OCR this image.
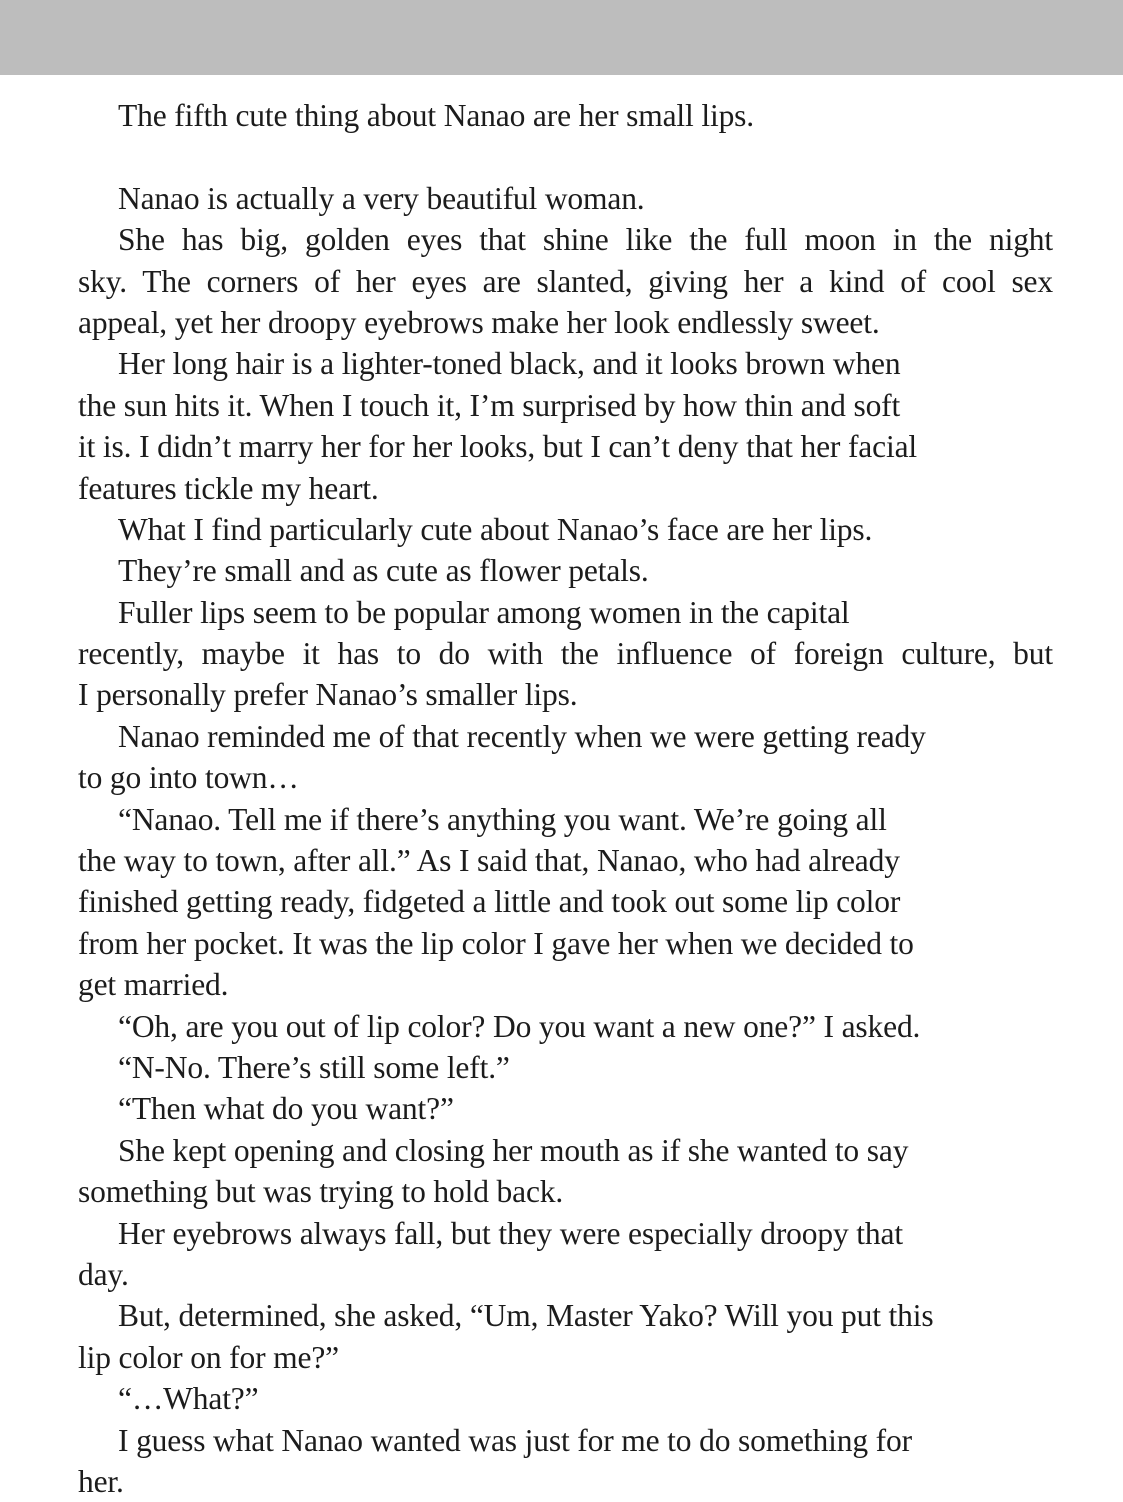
The fifth cute thing about Nanao are her small lips.
Nanao is actually a very beautiful woman.
She has big, golden eyes that shine like the full moon in the night
sky. The corners of her eyes are slanted, giving her a kind of cool sex
appeal, yet her droopy eyebrows make her look endlessly sweet.
Her long hair is a lighter-toned black, and it looks brown when
the sun hits it. When I touch it, I’m surprised by how thin and soft
it is. I didn’t marry her for her looks, but I can’t deny that her facial
features tickle my heart.
What I find particularly cute about Nanao’s face are her lips.
They’re small and as cute as flower petals.
Fuller lips seem to be popular among women in the capital
recently, maybe it has to do with the influence of foreign culture, but
I personally prefer Nanao’s smaller lips.
Nanao reminded me of that recently when we were getting ready
to go into town…
“Nanao. Tell me if there’s anything you want. We’re going all
the way to town, after all.” As I said that, Nanao, who had already
finished getting ready, fidgeted a little and took out some lip color
from her pocket. It was the lip color I gave her when we decided to
get married.
“Oh, are you out of lip color? Do you want a new one?” I asked.
“N-No. There’s still some left.”
“Then what do you want?”
She kept opening and closing her mouth as if she wanted to say
something but was trying to hold back.
Her eyebrows always fall, but they were especially droopy that
day.
But, determined, she asked, “Um, Master Yako? Will you put this
lip color on for me?”
“…What?”
I guess what Nanao wanted was just for me to do something for
her.
